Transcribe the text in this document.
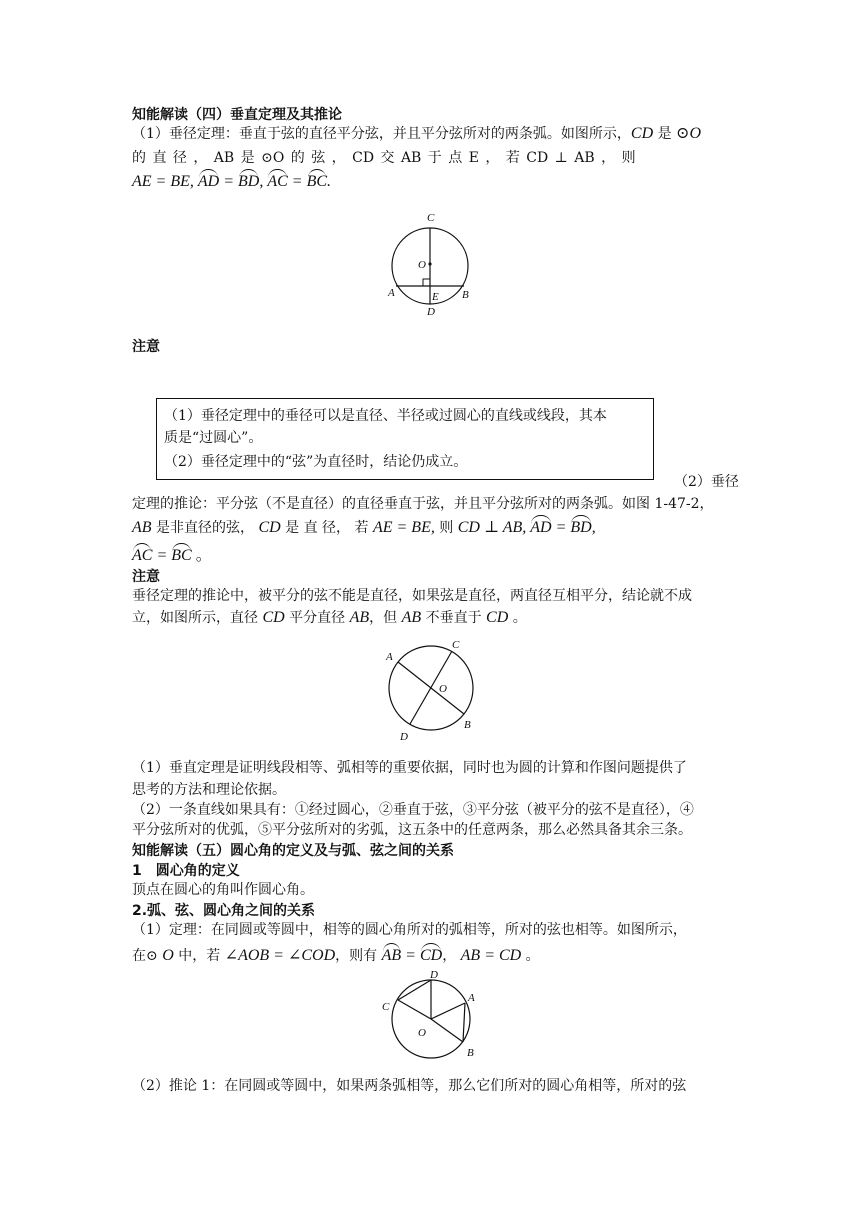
知能解读（四）垂直定理及其推论
（1）垂径定理：垂直于弦的直径平分弦，并且平分弦所对的两条弧。如图所示，CD 是 ⊙O
的 直 径 ， AB 是 ⊙O 的 弦 ， CD 交 AB 于 点 E ， 若 CD ⊥ AB ， 则
AE = BE, AD = BD, AC = BC.
C
O
A	E B
D
注意
（1）垂径定理中的垂径可以是直径、半径或过圆心的直线或线段，其本
质是“过圆心”。
（2）垂径定理中的“弦”为直径时，结论仍成立。
（2）垂径
定理的推论：平分弦（不是直径）的直径垂直于弦，并且平分弦所对的两条弧。如图 1-47-2，
AB 是非直径的弦， CD 是 直 径， 若 AE = BE, 则 CD ⊥ AB, AD = BD,
AC = BC 。
注意
垂径定理的推论中，被平分的弦不能是直径，如果弦是直径，两直径互相平分，结论就不成
立，如图所示，直径 CD 平分直径 AB，但 AB 不垂直于 CD 。
A
C
O
B
D
（1）垂直定理是证明线段相等、弧相等的重要依据，同时也为圆的计算和作图问题提供了
思考的方法和理论依据。
（2）一条直线如果具有：①经过圆心，②垂直于弦，③平分弦（被平分的弦不是直径），④
平分弦所对的优弧，⑤平分弦所对的劣弧，这五条中的任意两条，那么必然具备其余三条。
知能解读（五）圆心角的定义及与弧、弦之间的关系
1　圆心角的定义
顶点在圆心的角叫作圆心角。
2.弧、弦、圆心角之间的关系
（1）定理：在同圆或等圆中，相等的圆心角所对的弧相等，所对的弦也相等。如图所示，
在⊙ O 中，若 ∠AOB = ∠COD，则有 AB = CD， AB = CD 。
D
A
C
O
B
（2）推论 1：在同圆或等圆中，如果两条弧相等，那么它们所对的圆心角相等，所对的弦
